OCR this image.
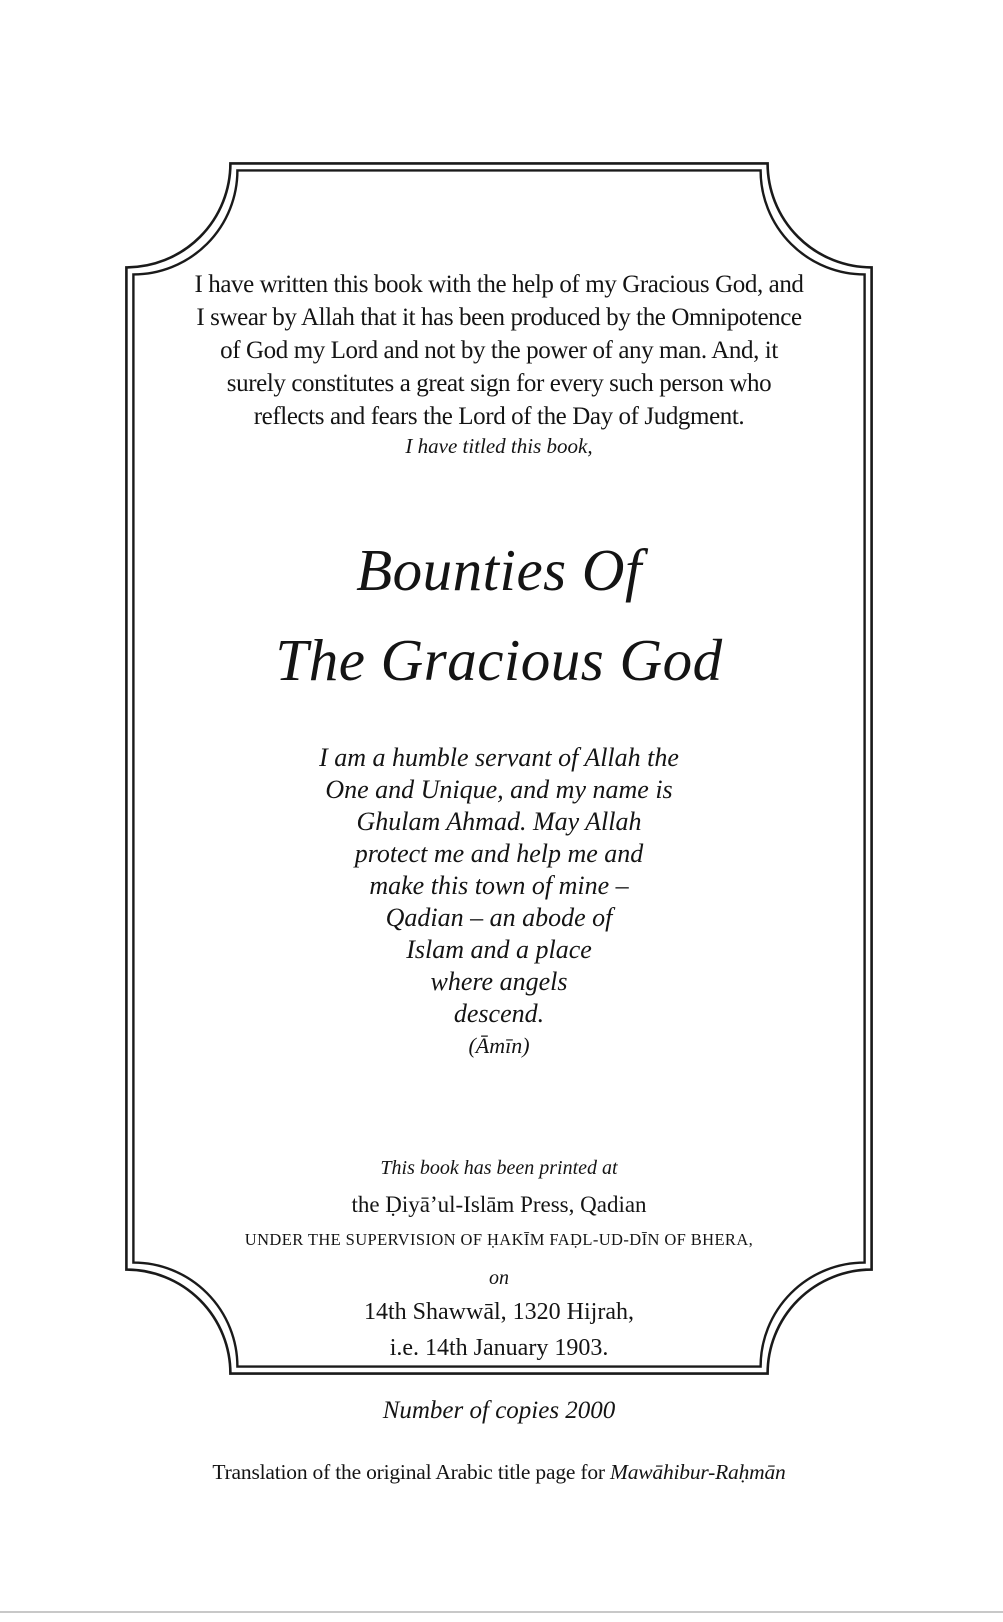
I have written this book with the help of my Gracious God, and
I swear by Allah that it has been produced by the Omnipotence
of God my Lord and not by the power of any man. And, it
surely constitutes a great sign for every such person who
reflects and fears the Lord of the Day of Judgment.
I have titled this book,
Bounties Of
The Gracious God
I am a humble servant of Allah the
One and Unique, and my name is
Ghulam Ahmad. May Allah
protect me and help me and
make this town of mine –
Qadian – an abode of
Islam and a place
where angels
descend.
(Āmīn)
This book has been printed at
the Ḍiyā’ul-Islām Press, Qadian
UNDER THE SUPERVISION OF ḤAKĪM FAḌL-UD-DĪN OF BHERA,
on
14th Shawwāl, 1320 Hijrah,
i.e. 14th January 1903.
Number of copies 2000
Translation of the original Arabic title page for Mawāhibur-Raḥmān
